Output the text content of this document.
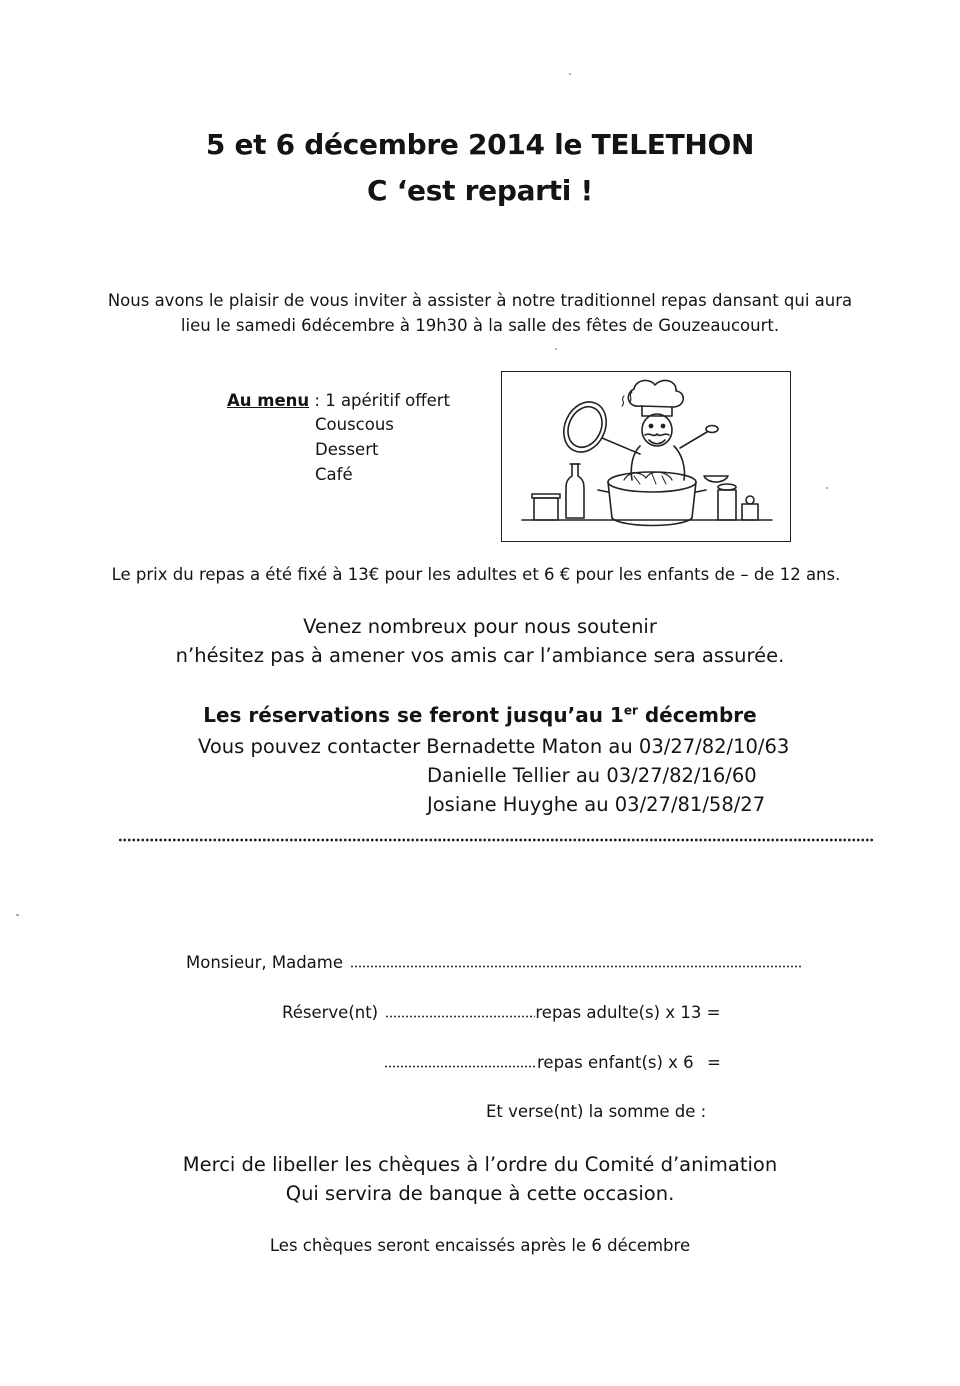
5 et 6 décembre 2014 le TELETHON
C ‘est reparti !
Nous avons le plaisir de vous inviter à assister à notre traditionnel repas dansant qui aura
lieu le samedi 6décembre à 19h30 à la salle des fêtes de Gouzeaucourt.
Au menu : 1 apéritif offert
Couscous
Dessert
Café
Le prix du repas a été fixé à 13€ pour les adultes et 6 € pour les enfants de – de 12 ans.
Venez nombreux pour nous soutenir
n’hésitez pas à amener vos amis car l’ambiance sera assurée.
Les réservations se feront jusqu’au 1er décembre
Vous pouvez contacter Bernadette Maton au 03/27/82/10/63
Danielle Tellier au 03/27/82/16/60
Josiane Huyghe au 03/27/81/58/27
Monsieur, Madame
Réserve(nt)	repas adulte(s) x 13 =
repas enfant(s) x 6 =
Et verse(nt) la somme de :
Merci de libeller les chèques à l’ordre du Comité d’animation
Qui servira de banque à cette occasion.
Les chèques seront encaissés après le 6 décembre
